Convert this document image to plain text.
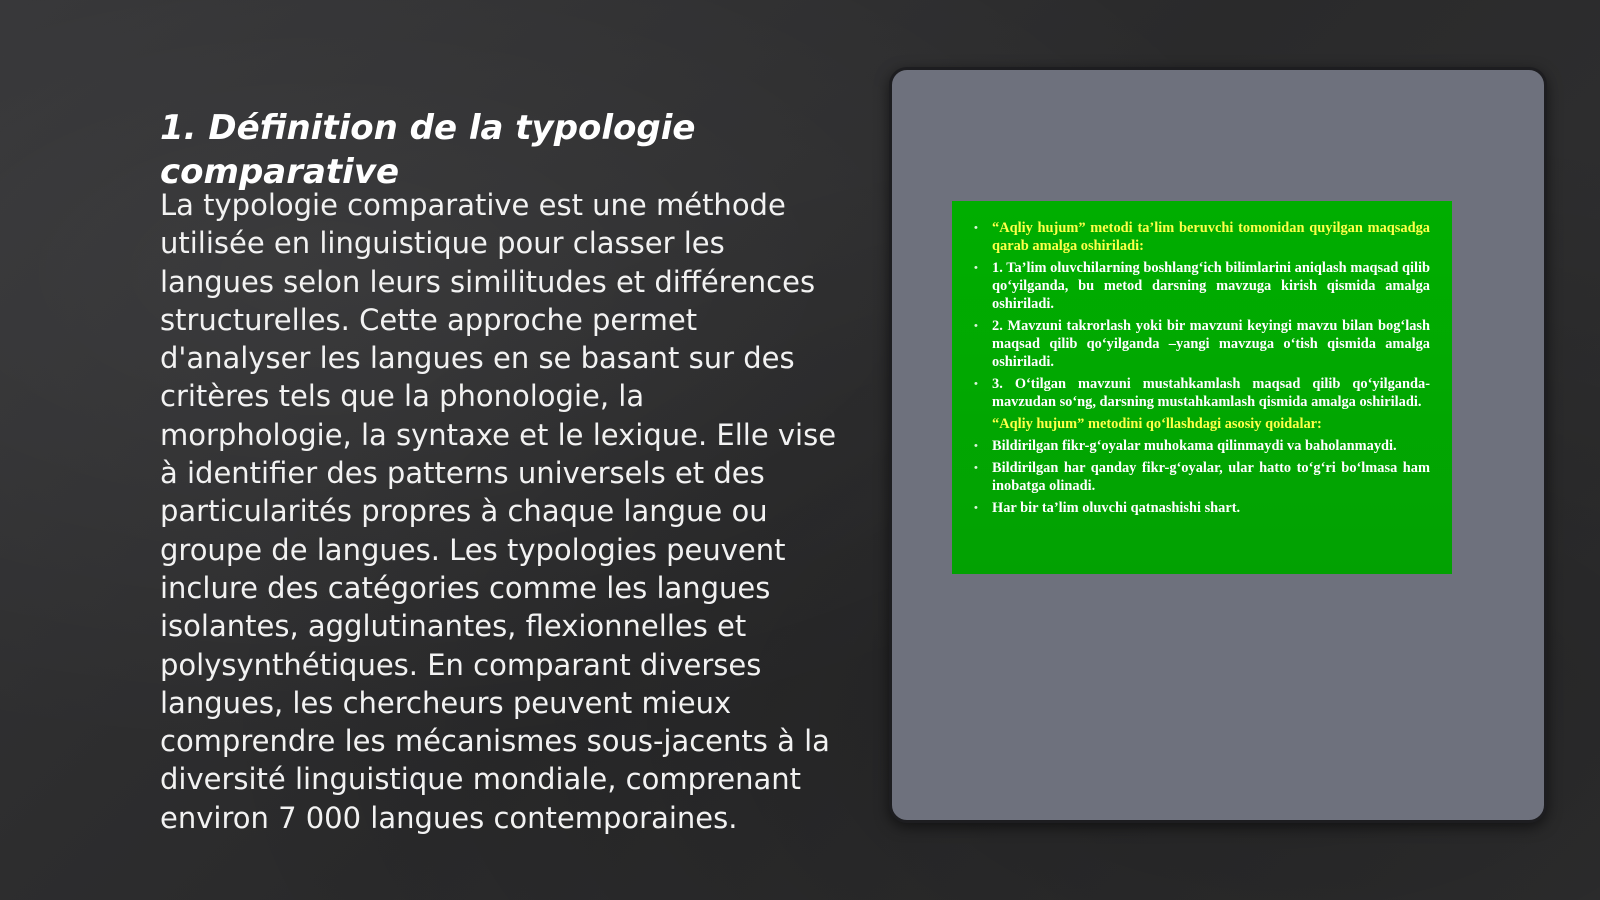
1. Définition de la typologie comparative

La typologie comparative est une méthode utilisée en linguistique pour classer les langues selon leurs similitudes et différences structurelles. Cette approche permet d'analyser les langues en se basant sur des critères tels que la phonologie, la morphologie, la syntaxe et le lexique. Elle vise à identifier des patterns universels et des particularités propres à chaque langue ou groupe de langues. Les typologies peuvent inclure des catégories comme les langues isolantes, agglutinantes, flexionnelles et polysynthétiques. En comparant diverses langues, les chercheurs peuvent mieux comprendre les mécanismes sous-jacents à la diversité linguistique mondiale, comprenant environ 7 000 langues contemporaines.

• “Aqliy hujum” metodi ta’lim beruvchi tomonidan quyilgan maqsadga qarab amalga oshiriladi:
• 1. Ta’lim oluvchilarning boshlang‘ich bilimlarini aniqlash maqsad qilib qo‘yilganda, bu metod darsning mavzuga kirish qismida amalga oshiriladi.
• 2. Mavzuni takrorlash yoki bir mavzuni keyingi mavzu bilan bog‘lash maqsad qilib qo‘yilganda –yangi mavzuga o‘tish qismida amalga oshiriladi.
• 3. O‘tilgan mavzuni mustahkamlash maqsad qilib qo‘yilganda-mavzudan so‘ng, darsning mustahkamlash qismida amalga oshiriladi.
“Aqliy hujum” metodini qo‘llashdagi asosiy qoidalar:
• Bildirilgan fikr-g‘oyalar muhokama qilinmaydi va baholanmaydi.
• Bildirilgan har qanday fikr-g‘oyalar, ular hatto to‘g‘ri bo‘lmasa ham inobatga olinadi.
• Har bir ta’lim oluvchi qatnashishi shart.
